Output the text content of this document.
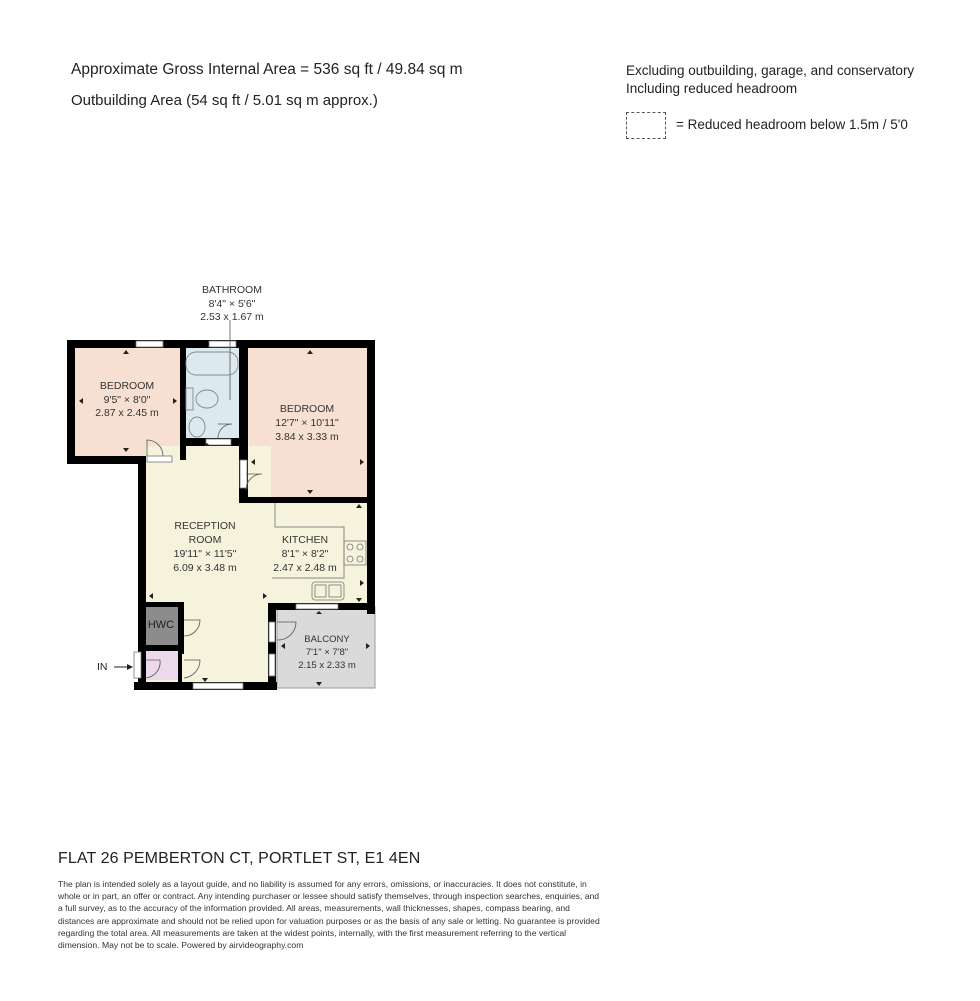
Approximate Gross Internal Area = 536 sq ft / 49.84 sq m
Outbuilding Area (54 sq ft / 5.01 sq m approx.)
Excluding outbuilding, garage, and conservatory
Including reduced headroom
= Reduced headroom below 1.5m / 5'0
BATHROOM
8'4" × 5'6"
2.53 x 1.67 m
BEDROOM
9'5" × 8'0"
2.87 x 2.45 m	BEDROOM
12'7" × 10'11"
3.84 x 3.33 m
RECEPTION
ROOM
19'11" × 11'5"
6.09 x 3.48 m
KITCHEN
8'1" × 8'2"
2.47 x 2.48 m
BALCONY
7'1" × 7'8"
2.15 x 2.33 m
HWC
IN
FLAT 26 PEMBERTON CT, PORTLET ST, E1 4EN
The plan is intended solely as a layout guide, and no liability is assumed for any errors, omissions, or inaccuracies. It does not constitute, in whole or in part, an offer or contract. Any intending purchaser or lessee should satisfy themselves, through inspection searches, enquiries, and a full survey, as to the accuracy of the information provided. All areas, measurements, wall thicknesses, shapes, compass bearing, and distances are approximate and should not be relied upon for valuation purposes or as the basis of any sale or letting. No guarantee is provided regarding the total area. All measurements are taken at the widest points, internally, with the first measurement referring to the vertical dimension. May not be to scale. Powered by airvideography.com
